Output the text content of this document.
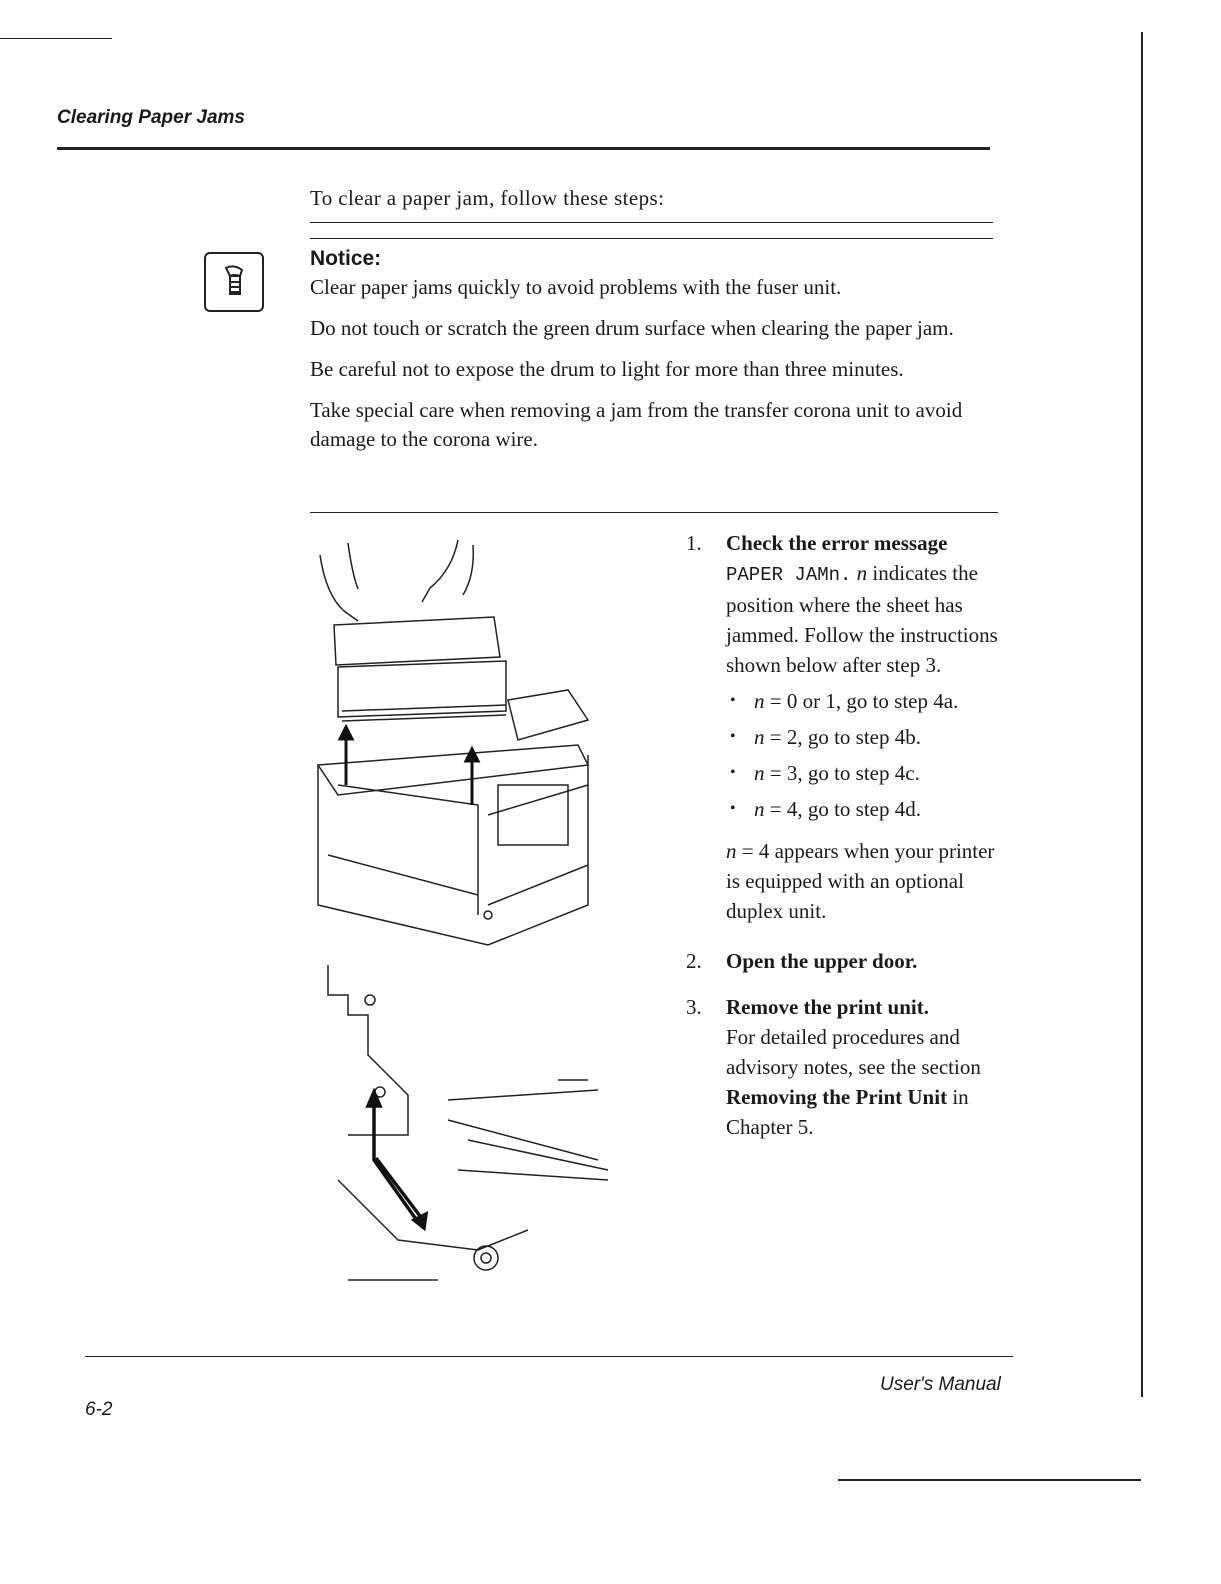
Clearing Paper Jams
To clear a paper jam, follow these steps:
Notice:

Clear paper jams quickly to avoid problems with the fuser unit.

Do not touch or scratch the green drum surface when clearing the paper jam.

Be careful not to expose the drum to light for more than three minutes.

Take special care when removing a jam from the transfer corona unit to avoid damage to the corona wire.

1. Check the error message
PAPER JAMn. n indicates the position where the sheet has jammed. Follow the instructions shown below after step 3.
• n = 0 or 1, go to step 4a.
• n = 2, go to step 4b.
• n = 3, go to step 4c.
• n = 4, go to step 4d.
n = 4 appears when your printer is equipped with an optional duplex unit.
2. Open the upper door.
3. Remove the print unit.
For detailed procedures and advisory notes, see the section Removing the Print Unit in Chapter 5.
User's Manual
6-2
